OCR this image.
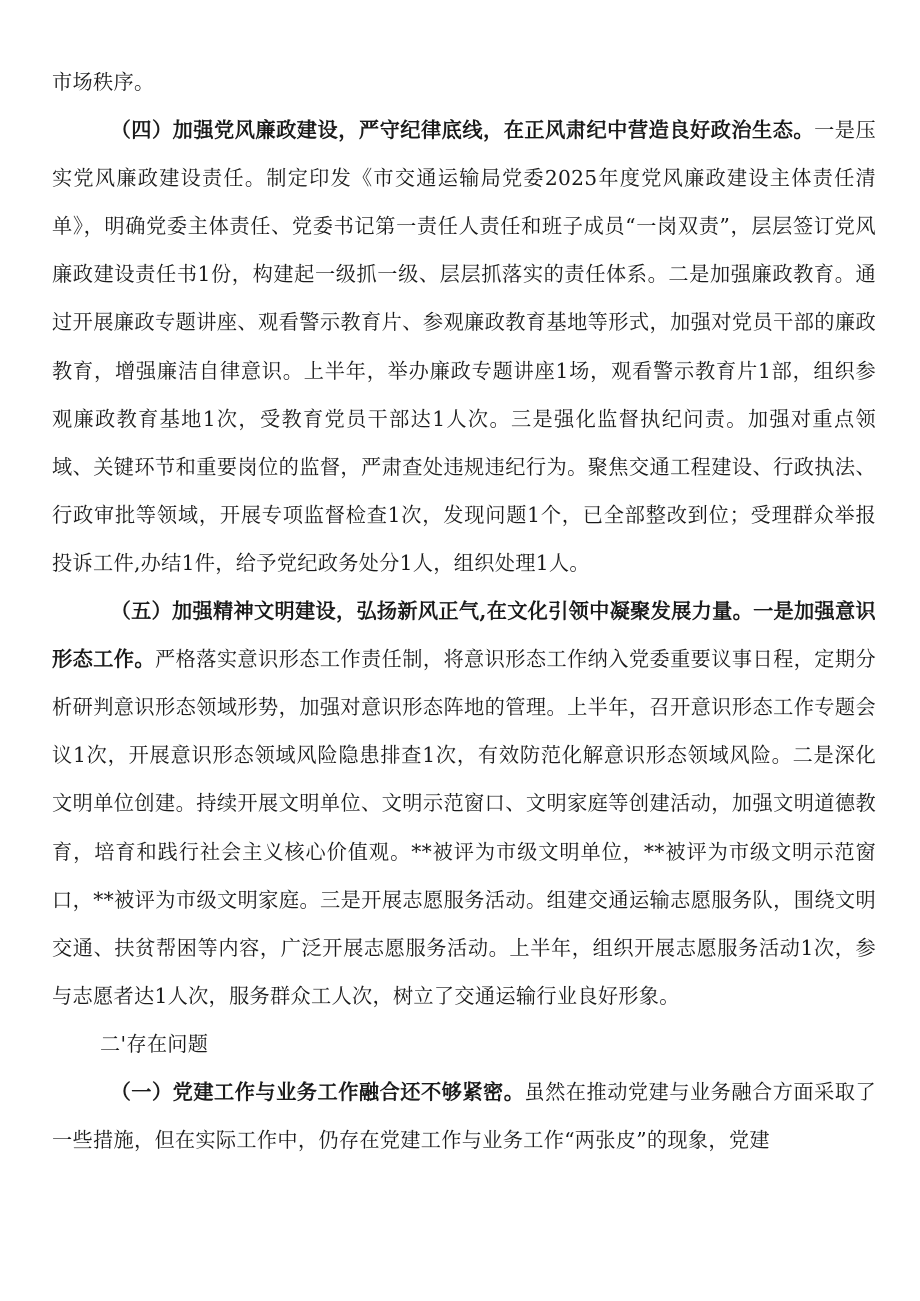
市场秩序。

（四）加强党风廉政建设，严守纪律底线，在正风肃纪中营造良好政治生态。一是压实党风廉政建设责任。制定印发《市交通运输局党委2025年度党风廉政建设主体责任清单》，明确党委主体责任、党委书记第一责任人责任和班子成员“一岗双责”，层层签订党风廉政建设责任书1份，构建起一级抓一级、层层抓落实的责任体系。二是加强廉政教育。通过开展廉政专题讲座、观看警示教育片、参观廉政教育基地等形式，加强对党员干部的廉政教育，增强廉洁自律意识。上半年，举办廉政专题讲座1场，观看警示教育片1部，组织参观廉政教育基地1次，受教育党员干部达1人次。三是强化监督执纪问责。加强对重点领域、关键环节和重要岗位的监督，严肃查处违规违纪行为。聚焦交通工程建设、行政执法、行政审批等领域，开展专项监督检查1次，发现问题1个，已全部整改到位；受理群众举报投诉工件,办结1件，给予党纪政务处分1人，组织处理1人。

（五）加强精神文明建设，弘扬新风正气,在文化引领中凝聚发展力量。一是加强意识形态工作。严格落实意识形态工作责任制，将意识形态工作纳入党委重要议事日程，定期分析研判意识形态领域形势，加强对意识形态阵地的管理。上半年，召开意识形态工作专题会议1次，开展意识形态领域风险隐患排查1次，有效防范化解意识形态领域风险。二是深化文明单位创建。持续开展文明单位、文明示范窗口、文明家庭等创建活动，加强文明道德教育，培育和践行社会主义核心价值观。**被评为市级文明单位，**被评为市级文明示范窗口，**被评为市级文明家庭。三是开展志愿服务活动。组建交通运输志愿服务队，围绕文明交通、扶贫帮困等内容，广泛开展志愿服务活动。上半年，组织开展志愿服务活动1次，参与志愿者达1人次，服务群众工人次，树立了交通运输行业良好形象。

二'存在问题

（一）党建工作与业务工作融合还不够紧密。虽然在推动党建与业务融合方面采取了一些措施，但在实际工作中，仍存在党建工作与业务工作“两张皮”的现象，党建
